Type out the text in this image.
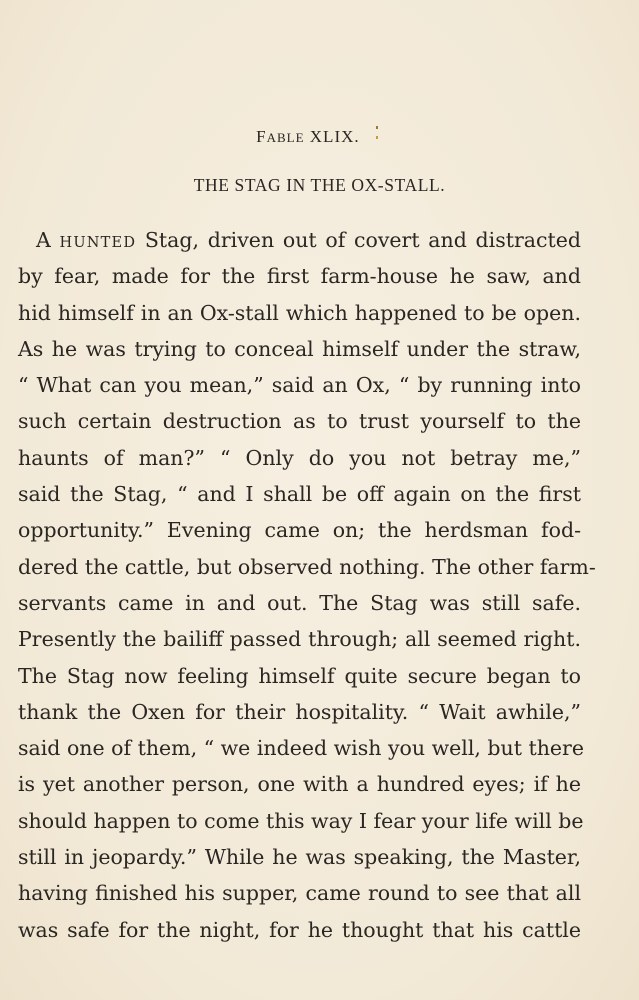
FABLE XLIX.
THE STAG IN THE OX-STALL.
A HUNTED Stag, driven out of covert and distracted
by fear, made for the first farm-house he saw, and
hid himself in an Ox-stall which happened to be open.
As he was trying to conceal himself under the straw,
“ What can you mean,” said an Ox, “ by running into
such certain destruction as to trust yourself to the
haunts of man?” “ Only do you not betray me,”
said the Stag, “ and I shall be off again on the first
opportunity.” Evening came on; the herdsman fod-
dered the cattle, but observed nothing. The other farm-
servants came in and out. The Stag was still safe.
Presently the bailiff passed through; all seemed right.
The Stag now feeling himself quite secure began to
thank the Oxen for their hospitality. “ Wait awhile,”
said one of them, “ we indeed wish you well, but there
is yet another person, one with a hundred eyes; if he
should happen to come this way I fear your life will be
still in jeopardy.” While he was speaking, the Master,
having finished his supper, came round to see that all
was safe for the night, for he thought that his cattle
